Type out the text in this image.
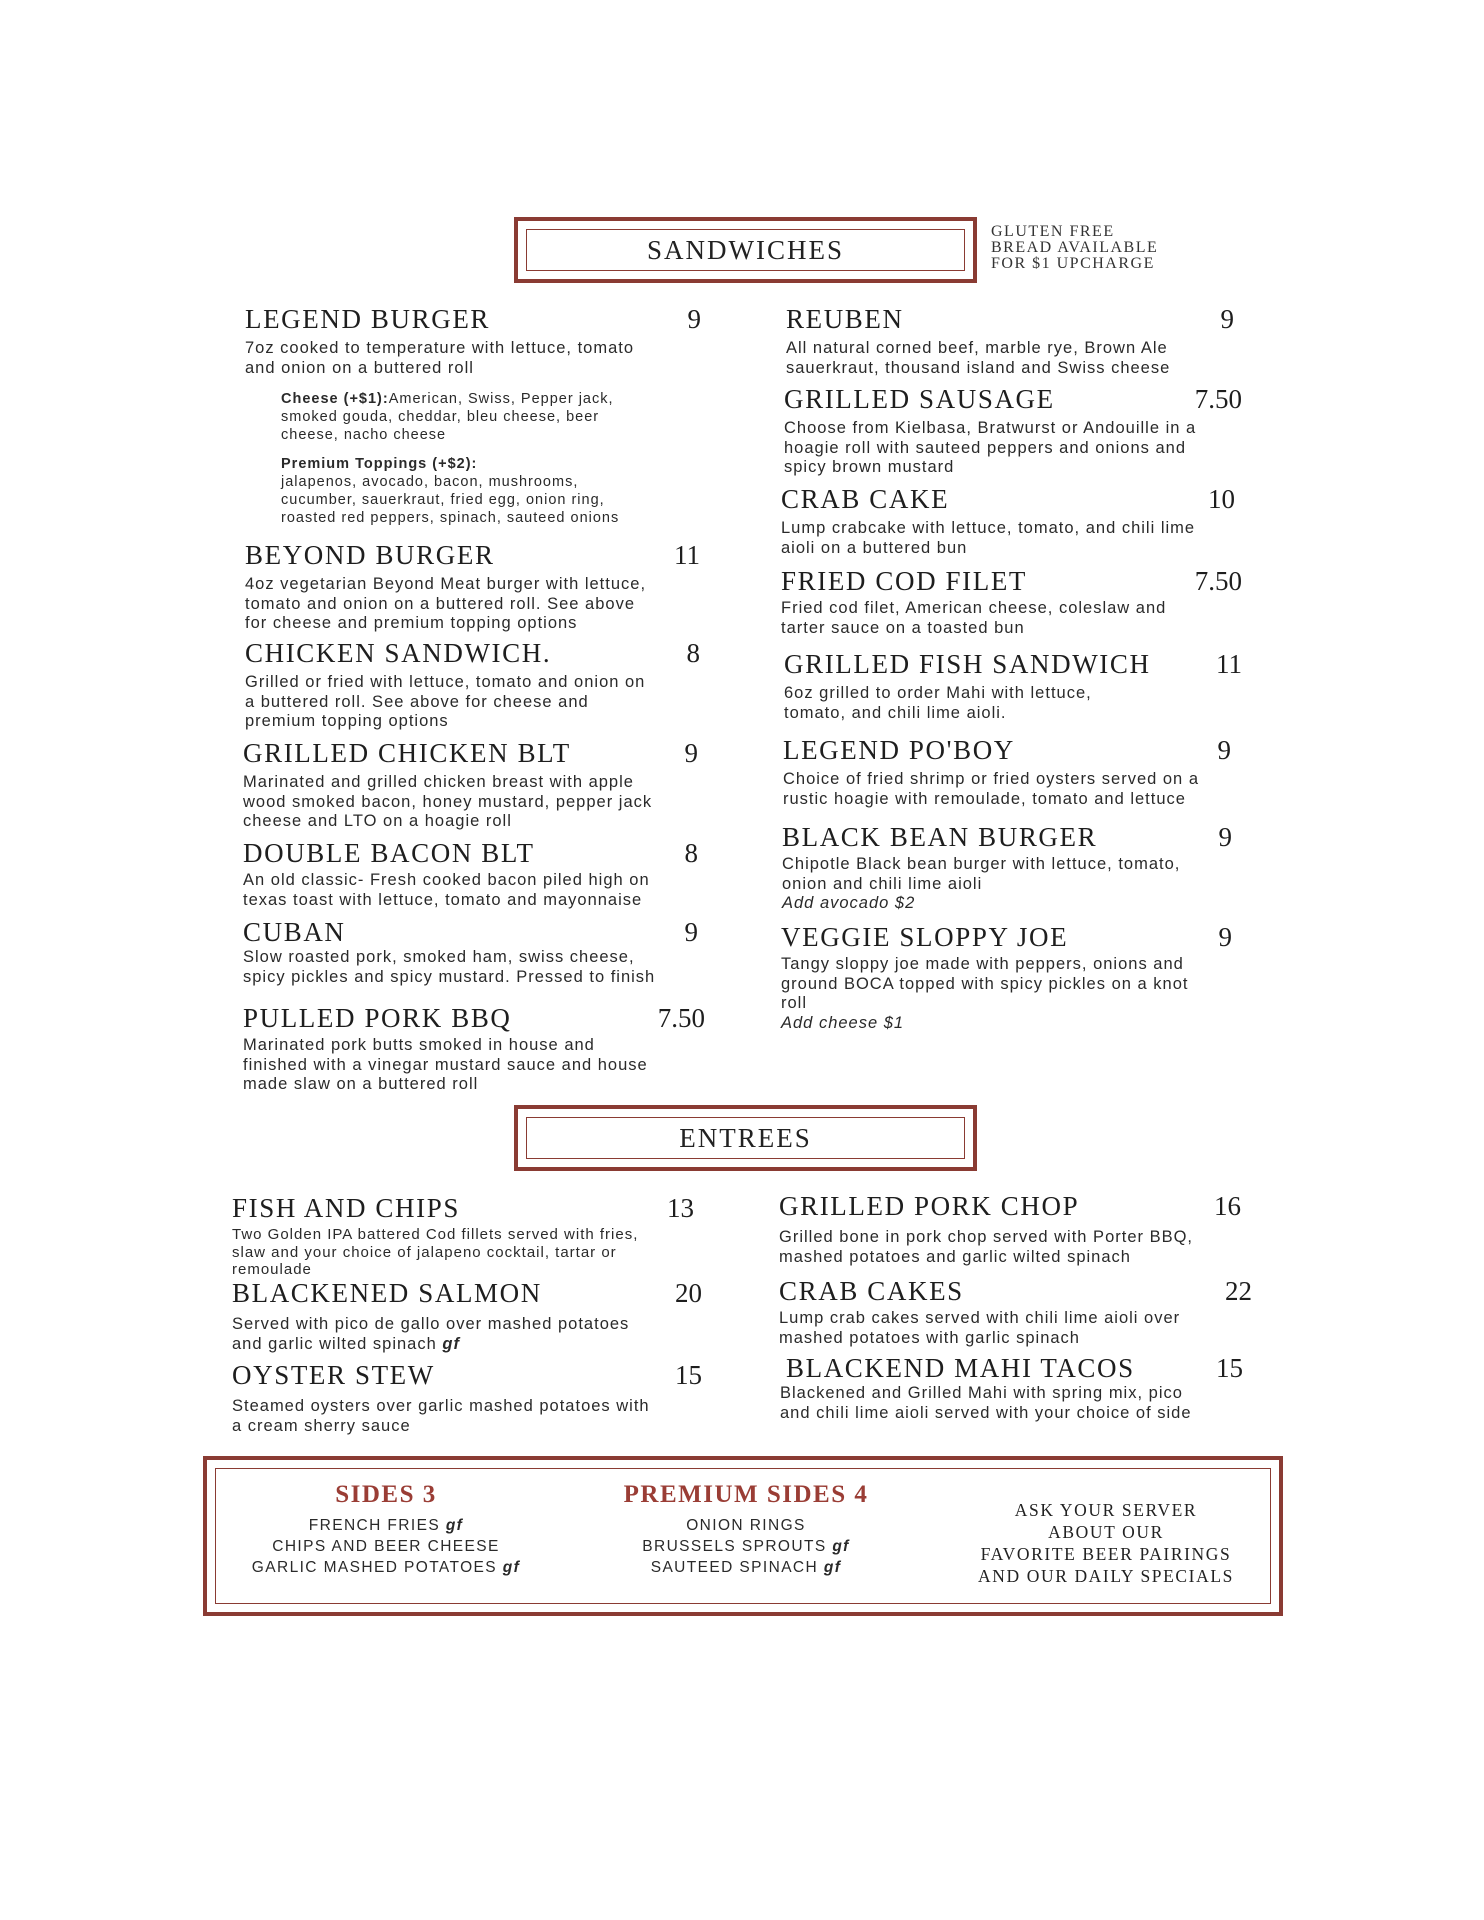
SANDWICHES
GLUTEN FREE
BREAD AVAILABLE
FOR $1 UPCHARGE
LEGEND BURGER	9
7oz cooked to temperature with lettuce, tomato
and onion on a buttered roll
Cheese (+$1):American, Swiss, Pepper jack,
smoked gouda, cheddar, bleu cheese, beer
cheese, nacho cheese
Premium Toppings (+$2):
jalapenos, avocado, bacon, mushrooms,
cucumber, sauerkraut, fried egg, onion ring,
roasted red peppers, spinach, sauteed onions
BEYOND BURGER	11
4oz vegetarian Beyond Meat burger with lettuce,
tomato and onion on a buttered roll. See above
for cheese and premium topping options
CHICKEN SANDWICH.	8
Grilled or fried with lettuce, tomato and onion on
a buttered roll. See above for cheese and
premium topping options
GRILLED CHICKEN BLT	9
Marinated and grilled chicken breast with apple
wood smoked bacon, honey mustard, pepper jack
cheese and LTO on a hoagie roll
DOUBLE BACON BLT	8
An old classic- Fresh cooked bacon piled high on
texas toast with lettuce, tomato and mayonnaise
CUBAN	9
Slow roasted pork, smoked ham, swiss cheese,
spicy pickles and spicy mustard. Pressed to finish
PULLED PORK BBQ	7.50
Marinated pork butts smoked in house and
finished with a vinegar mustard sauce and house
made slaw on a buttered roll
REUBEN	9
All natural corned beef, marble rye, Brown Ale
sauerkraut, thousand island and Swiss cheese
GRILLED SAUSAGE	7.50
Choose from Kielbasa, Bratwurst or Andouille in a
hoagie roll with sauteed peppers and onions and
spicy brown mustard
CRAB CAKE	10
Lump crabcake with lettuce, tomato, and chili lime
aioli on a buttered bun
FRIED COD FILET	7.50
Fried cod filet, American cheese, coleslaw and
tarter sauce on a toasted bun
GRILLED FISH SANDWICH 11
6oz grilled to order Mahi with lettuce,
tomato, and chili lime aioli.
LEGEND PO'BOY	9
Choice of fried shrimp or fried oysters served on a
rustic hoagie with remoulade, tomato and lettuce
BLACK BEAN BURGER	9
Chipotle Black bean burger with lettuce, tomato,
onion and chili lime aioli
Add avocado $2
VEGGIE SLOPPY JOE	9
Tangy sloppy joe made with peppers, onions and
ground BOCA topped with spicy pickles on a knot
roll
Add cheese $1
ENTREES
FISH AND CHIPS	13
Two Golden IPA battered Cod fillets served with fries,
slaw and your choice of jalapeno cocktail, tartar or
remoulade
BLACKENED SALMON	20
Served with pico de gallo over mashed potatoes
and garlic wilted spinach gf
OYSTER STEW	15
Steamed oysters over garlic mashed potatoes with
a cream sherry sauce
GRILLED PORK CHOP	16
Grilled bone in pork chop served with Porter BBQ,
mashed potatoes and garlic wilted spinach
CRAB CAKES	22
Lump crab cakes served with chili lime aioli over
mashed potatoes with garlic spinach
BLACKEND MAHI TACOS	15
Blackened and Grilled Mahi with spring mix, pico
and chili lime aioli served with your choice of side
SIDES 3
FRENCH FRIES gf
CHIPS AND BEER CHEESE
GARLIC MASHED POTATOES gf
PREMIUM SIDES 4
ONION RINGS
BRUSSELS SPROUTS gf
SAUTEED SPINACH gf
ASK YOUR SERVER
ABOUT OUR
FAVORITE BEER PAIRINGS
AND OUR DAILY SPECIALS
